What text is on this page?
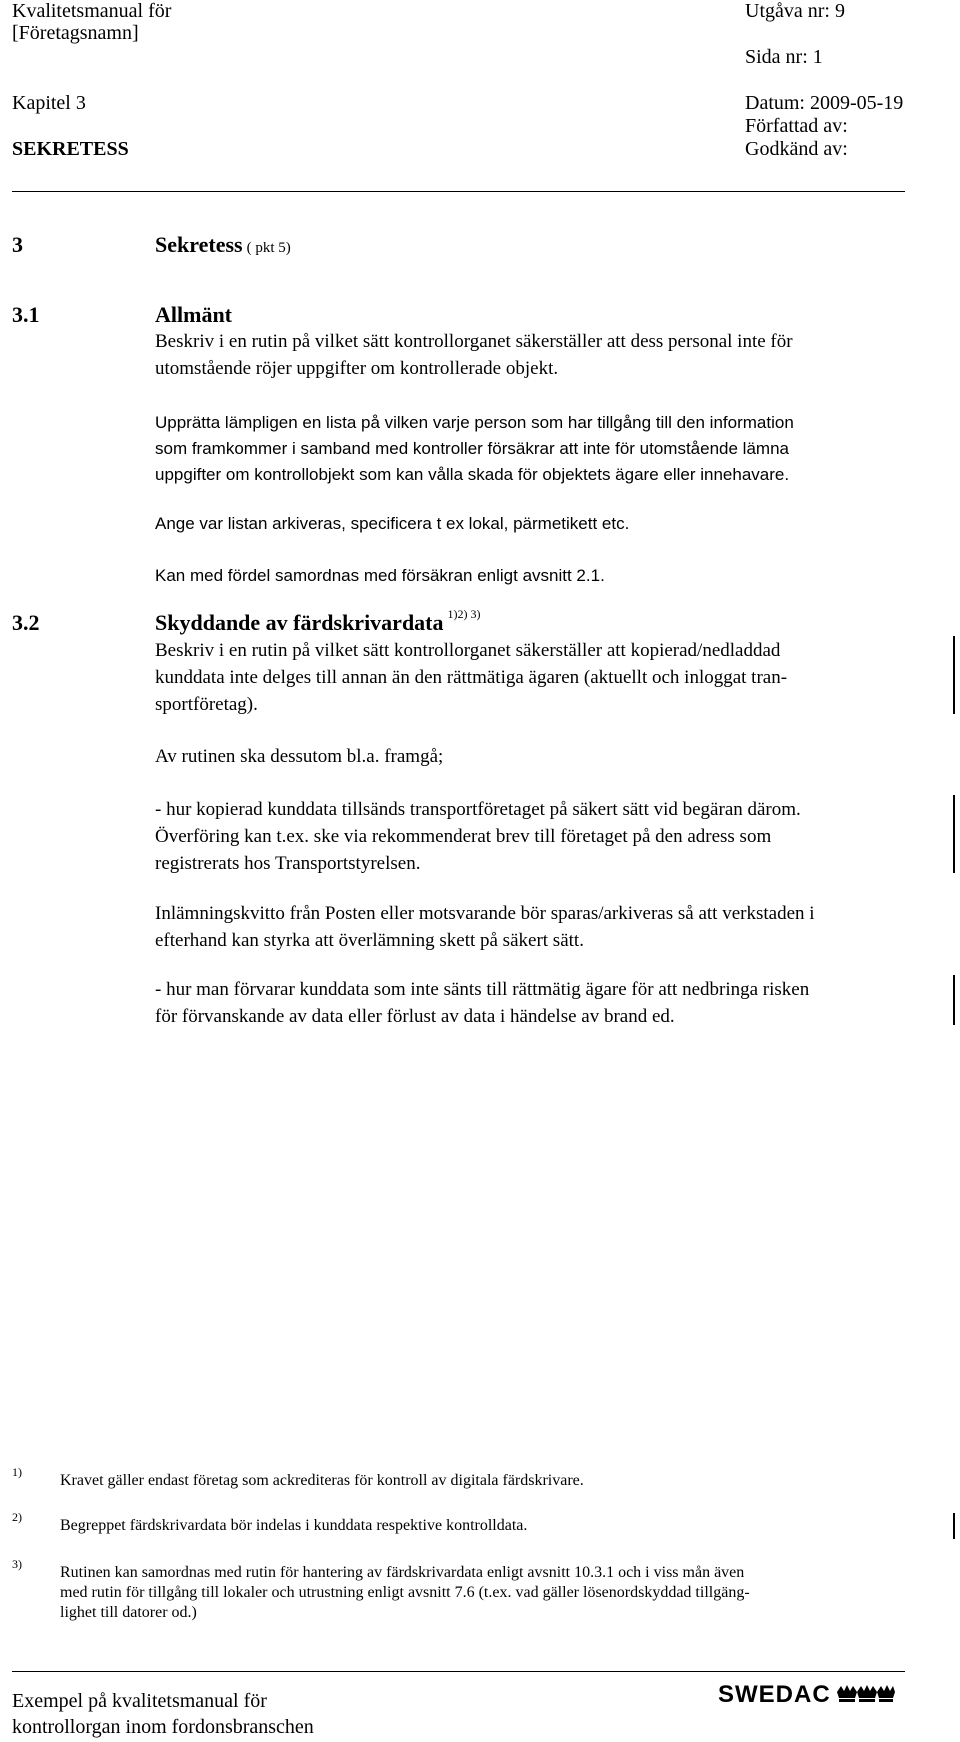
Kvalitetsmanual för
[Företagsnamn]
Kapitel 3
SEKRETESS
Utgåva nr: 9
Sida nr: 1
Datum: 2009-05-19
Författad av:
Godkänd av:
3	Sekretess ( pkt 5)
3.1	Allmänt
Beskriv i en rutin på vilket sätt kontrollorganet säkerställer att dess personal inte för
utomstående röjer uppgifter om kontrollerade objekt.
Upprätta lämpligen en lista på vilken varje person som har tillgång till den information
som framkommer i samband med kontroller försäkrar att inte för utomstående lämna
uppgifter om kontrollobjekt som kan vålla skada för objektets ägare eller innehavare.
Ange var listan arkiveras, specificera t ex lokal, pärmetikett etc.
Kan med fördel samordnas med försäkran enligt avsnitt 2.1.
3.2	Skyddande av färdskrivardata $^{1)2) 3)}$
Beskriv i en rutin på vilket sätt kontrollorganet säkerställer att kopierad/nedladdad
kunddata inte delges till annan än den rättmätiga ägaren (aktuellt och inloggat tran-
sportföretag).
Av rutinen ska dessutom bl.a. framgå;
- hur kopierad kunddata tillsänds transportföretaget på säkert sätt vid begäran därom.
Överföring kan t.ex. ske via rekommenderat brev till företaget på den adress som
registrerats hos Transportstyrelsen.
Inlämningskvitto från Posten eller motsvarande bör sparas/arkiveras så att verkstaden i
efterhand kan styrka att överlämning skett på säkert sätt.
- hur man förvarar kunddata som inte sänts till rättmätig ägare för att nedbringa risken
för förvanskande av data eller förlust av data i händelse av brand ed.
1) Kravet gäller endast företag som ackrediteras för kontroll av digitala färdskrivare.
2) Begreppet färdskrivardata bör indelas i kunddata respektive kontrolldata.
3) Rutinen kan samordnas med rutin för hantering av färdskrivardata enligt avsnitt 10.3.1 och i viss mån även
med rutin för tillgång till lokaler och utrustning enligt avsnitt 7.6 (t.ex. vad gäller lösenordskyddad tillgäng-
lighet till datorer od.)
Exempel på kvalitetsmanual för
kontrollorgan inom fordonsbranschen
SWEDAC
